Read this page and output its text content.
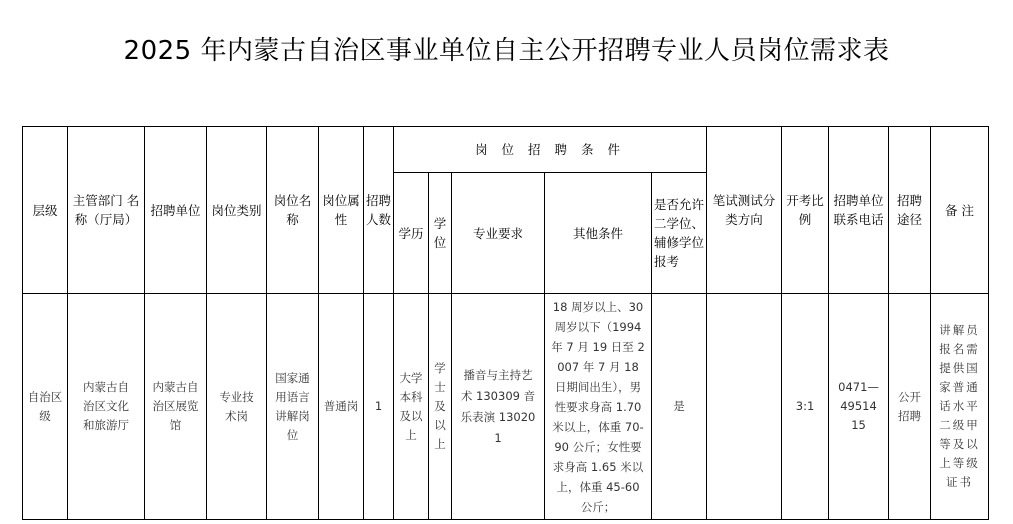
2025 年内蒙古自治区事业单位自主公开招聘专业人员岗位需求表
层级	主管部门 名称（厅局）	招聘单位	岗位类别	岗位名称	岗位属性	招聘人数	岗 位 招 聘 条 件					笔试测试分类方向	开考比例	招聘单位联系电话	招聘途径	备 注
							学历	学位	专业要求	其他条件	是否允许二学位、辅修学位报考					
自治区级	内蒙古自治区文化和旅游厅	内蒙古自治区展览馆	专业技术岗	国家通用语言讲解岗位	普通岗	1	大学本科及以上	学士及以上	播音与主持艺术 130309 音乐表演 130201	18 周岁以上、30 周岁以下（1994 年 7 月 19 日至 2007 年 7 月 18 日期间出生），男性要求身高 1.70 米以上，体重 70-90 公斤；女性要求身高 1.65 米以上，体重 45-60 公斤；	是		3:1	0471—4951415	公开招聘	讲解员报名需提供国家普通话水平二级甲等及以上等级证书
